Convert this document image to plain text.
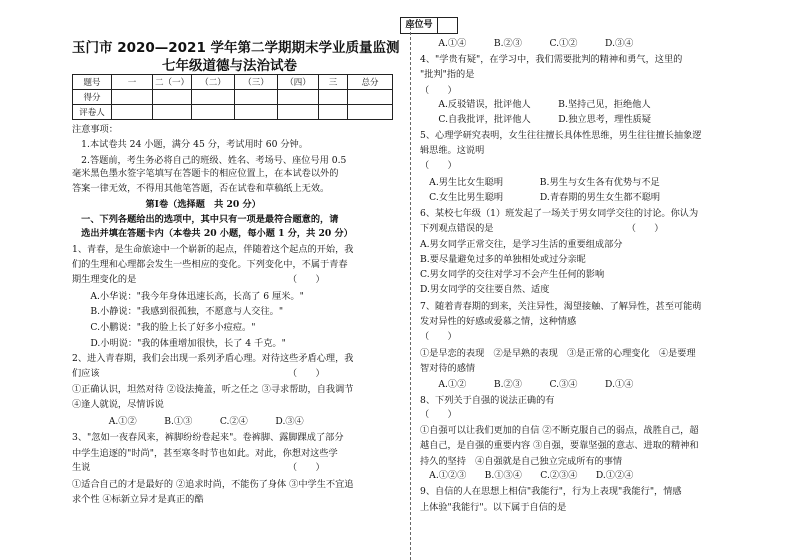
座位号
玉门市 2020—2021 学年第二学期期末学业质量监测
七年级道德与法治试卷
题号	一	二（一）	（二）	（三）	（四）	三	总分
得分							
评卷人							
注意事项：
　1.本试卷共 24 小题，满分 45 分，考试用时 60 分钟。
　2.答题前，考生务必将自己的班级、姓名、考场号、座位号用 0.5
毫米黑色墨水签字笔填写在答题卡的相应位置上，在本试卷以外的
答案一律无效，不得用其他笔答题，否在试卷和草稿纸上无效。
　　　　　　　　第Ⅰ卷（选择题　共 20 分）
　一、下列各题给出的选项中，其中只有一项是最符合题意的，请
　选出并填在答题卡内（本卷共 20 小题，每小题 1 分，共 20 分）
1、青春，是生命旅途中一个崭新的起点，伴随着这个起点的开始，我
们的生理和心理都会发生一些相应的变化。下列变化中，不属于青春
期生理变化的是　　　　　　　　　　　　　　　　　（　　）
　　A.小华说："我今年身体迅速长高，长高了 6 厘米。"
　　B.小静说："我感到很孤独，不愿意与人交往。"
　　C.小鹏说："我的脸上长了好多小痘痘。"
　　D.小明说："我的体重增加很快，长了 4 千克。"
2、进入青春期，我们会出现一系列矛盾心理。对待这些矛盾心理，我
们应该　　　　　　　　　　　　　　　　　　　　　（　　）
①正确认识，坦然对待 ②设法掩盖，听之任之 ③寻求帮助，自我调节
④逢人就说，尽情诉说
　　　　A.①②　　　B.①③　　　C.②④　　　D.③④
3、"忽如一夜春风来，裤脚纷纷卷起来"。卷裤脚、露脚踝成了部分
中学生追逐的"时尚"，甚至寒冬时节也如此。对此，你想对这些学
生说　　　　　　　　　　　　　　　　　　　　　　（　　）
①适合自己的才是最好的 ②追求时尚，不能伤了身体 ③中学生不宜追
求个性 ④标新立异才是真正的酷
　　A.①④　　　B.②③　　　C.①②　　　D.③④
4、"学贵有疑"，在学习中，我们需要批判的精神和勇气，这里的
"批判"指的是
（　　）
　　A.反驳错误，批评他人　　　B.坚持己见，拒绝他人
　　C.自我批评，批评他人　　　D.独立思考，理性质疑
5、心理学研究表明，女生往往擅长具体性思维，男生往往擅长抽象逻
辑思维。这说明
（　　）
　A.男生比女生聪明　　　　B.男生与女生各有优势与不足
　C.女生比男生聪明　　　　D.青春期的男生女生都不聪明
6、某校七年级（1）班发起了一场关于男女同学交往的讨论。你认为
下列观点错误的是　　　　　　　　　　　　　　　（　　）
A.男女同学正常交往，是学习生活的重要组成部分
B.要尽量避免过多的单独相处或过分亲昵
C.男女同学的交往对学习不会产生任何的影响
D.男女同学的交往要自然、适度
7、随着青春期的到来，关注异性，渴望接触、了解异性，甚至可能萌
发对异性的好感或爱慕之情，这种情感
（　　）
①是早恋的表现　②是早熟的表现　③是正常的心理变化　④是要理
智对待的感情
　　A.①②　　　B.②③　　　C.③④　　　D.①④
8、下列关于自强的说法正确的有
（　　）
①自强可以让我们更加的自信 ②不断克服自己的弱点，战胜自己，超
越自己，是自强的重要内容 ③自强，要靠坚强的意志、进取的精神和
持久的坚持　④自强就是自己独立完成所有的事情
　A.①②③　　B.①③④　　C.②③④　　D.①②④
9、自信的人在思想上相信"我能行"，行为上表现"我能行"，情感
上体验"我能行"。以下属于自信的是
